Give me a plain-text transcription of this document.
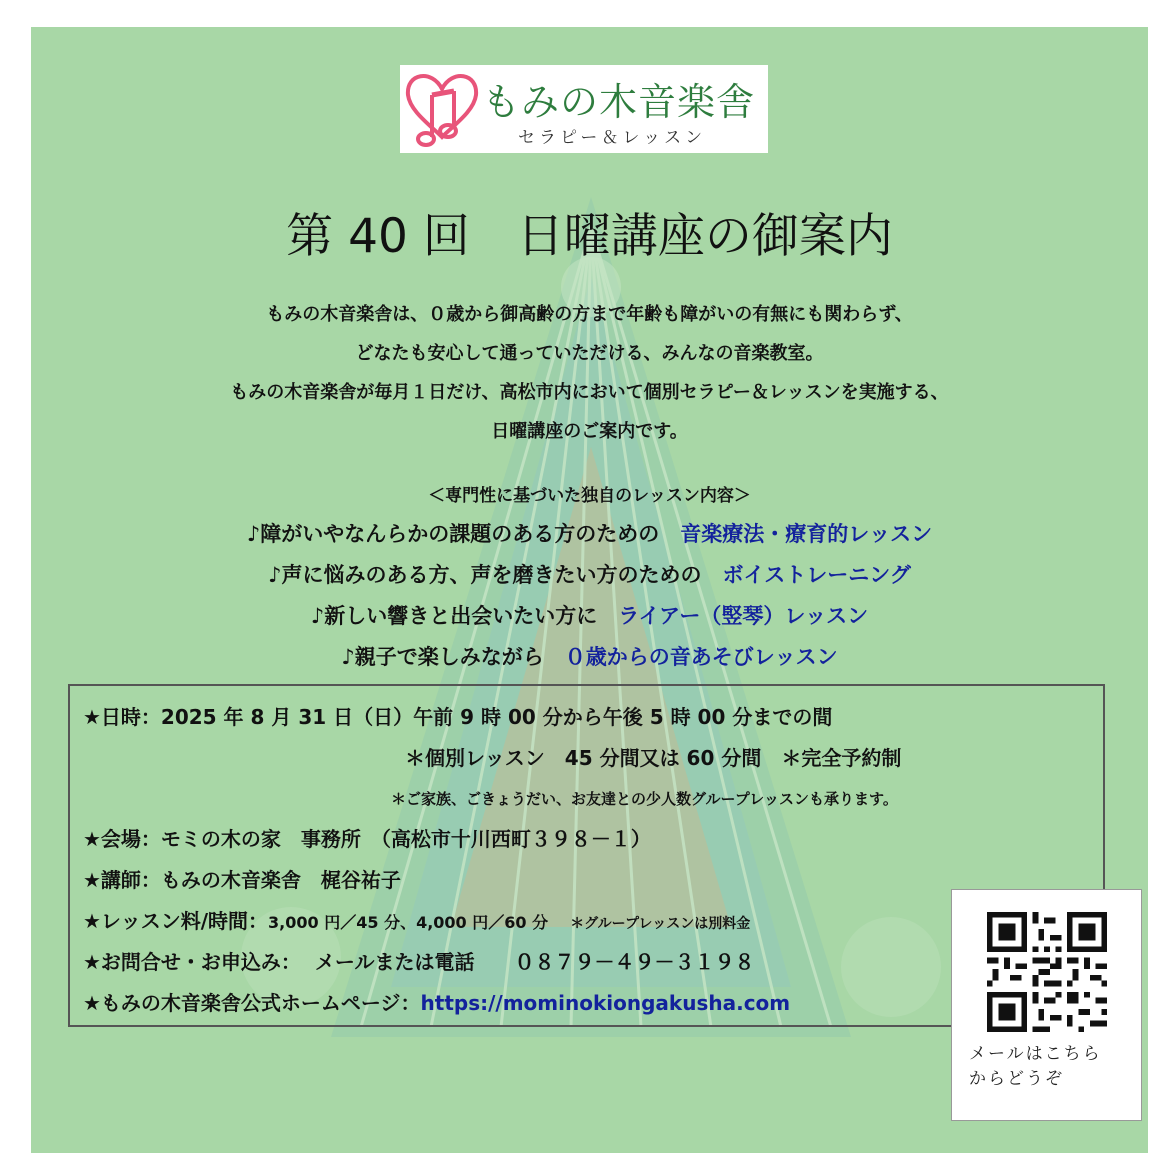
もみの木音楽舎
セラピー＆レッスン
第 40 回　日曜講座の御案内
もみの木音楽舎は、０歳から御高齢の方まで年齢も障がいの有無にも関わらず、
どなたも安心して通っていただける、みんなの音楽教室。
もみの木音楽舎が毎月１日だけ、高松市内において個別セラピー＆レッスンを実施する、
日曜講座のご案内です。
＜専門性に基づいた独自のレッスン内容＞
♪障がいやなんらかの課題のある方のための　音楽療法・療育的レッスン
♪声に悩みのある方、声を磨きたい方のための　ボイストレーニング
♪新しい響きと出会いたい方に　ライアー（竪琴）レッスン
♪親子で楽しみながら　０歳からの音あそびレッスン
★日時：2025 年 8 月 31 日（日）午前 9 時 00 分から午後 5 時 00 分までの間
＊個別レッスン　45 分間又は 60 分間　＊完全予約制
＊ご家族、ごきょうだい、お友達との少人数グループレッスンも承ります。
★会場：モミの木の家　事務所　（高松市十川西町３９８－１）
★講師：もみの木音楽舎　梶谷祐子
★レッスン料/時間：3,000 円／45 分、4,000 円／60 分 ＊グループレッスンは別料金
★お問合せ・お申込み：  メールまたは電話　　０８７９－４９－３１９８
★もみの木音楽舎公式ホームページ：https://mominokiongakusha.com
メールはこちら
からどうぞ
